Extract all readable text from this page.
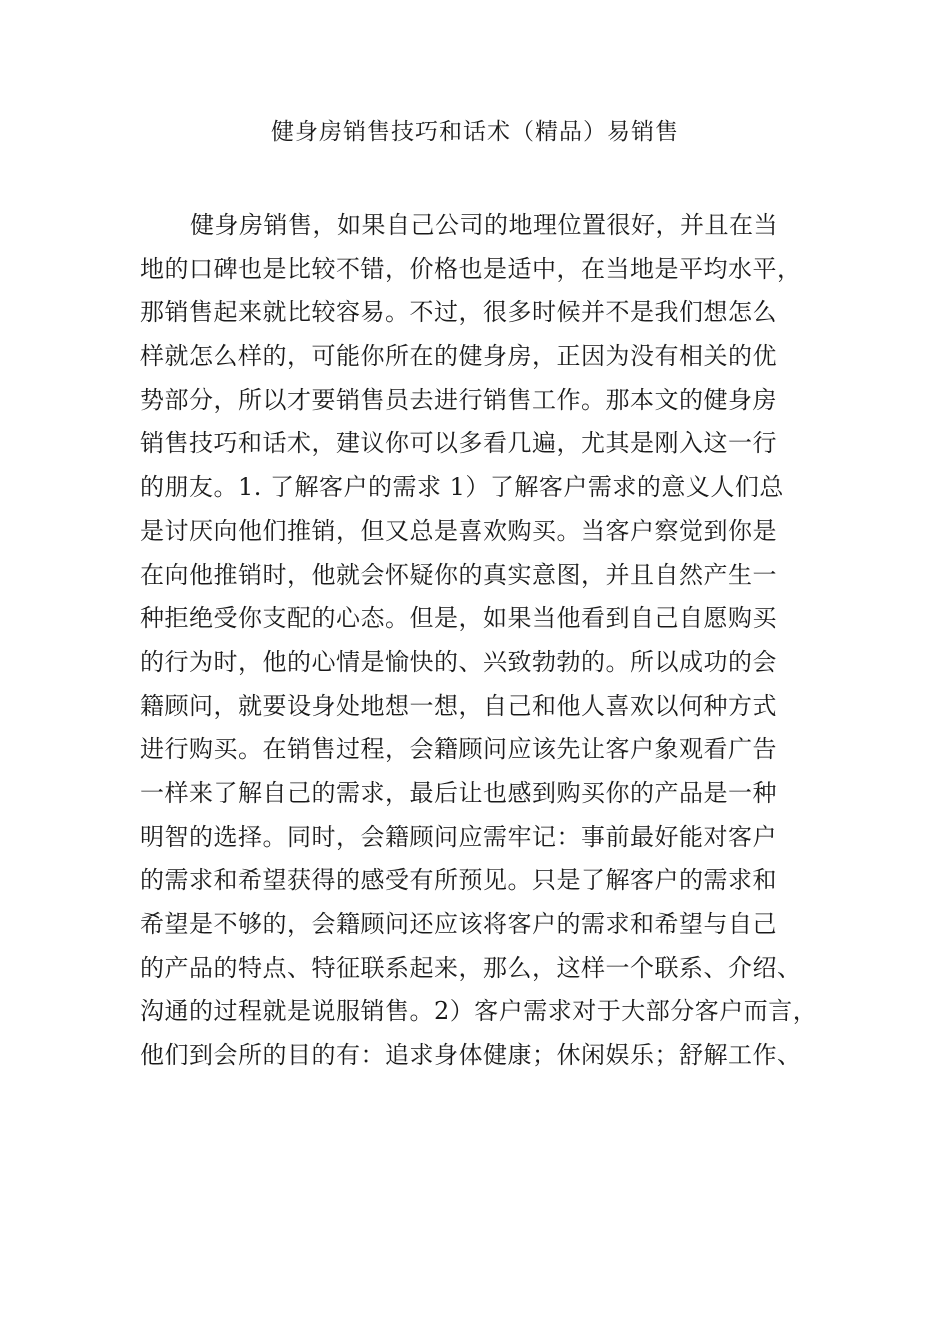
健身房销售技巧和话术（精品）易销售
健身房销售，如果自己公司的地理位置很好，并且在当
地的口碑也是比较不错，价格也是适中，在当地是平均水平，
那销售起来就比较容易。不过，很多时候并不是我们想怎么
样就怎么样的，可能你所在的健身房，正因为没有相关的优
势部分，所以才要销售员去进行销售工作。那本文的健身房
销售技巧和话术，建议你可以多看几遍，尤其是刚入这一行
的朋友。1. 了解客户的需求 1）了解客户需求的意义人们总
是讨厌向他们推销，但又总是喜欢购买。当客户察觉到你是
在向他推销时，他就会怀疑你的真实意图，并且自然产生一
种拒绝受你支配的心态。但是，如果当他看到自己自愿购买
的行为时，他的心情是愉快的、兴致勃勃的。所以成功的会
籍顾问，就要设身处地想一想，自己和他人喜欢以何种方式
进行购买。在销售过程，会籍顾问应该先让客户象观看广告
一样来了解自己的需求，最后让也感到购买你的产品是一种
明智的选择。同时，会籍顾问应需牢记：事前最好能对客户
的需求和希望获得的感受有所预见。只是了解客户的需求和
希望是不够的，会籍顾问还应该将客户的需求和希望与自己
的产品的特点、特征联系起来，那么，这样一个联系、介绍、
沟通的过程就是说服销售。2）客户需求对于大部分客户而言，
他们到会所的目的有：追求身体健康；休闲娱乐；舒解工作、
